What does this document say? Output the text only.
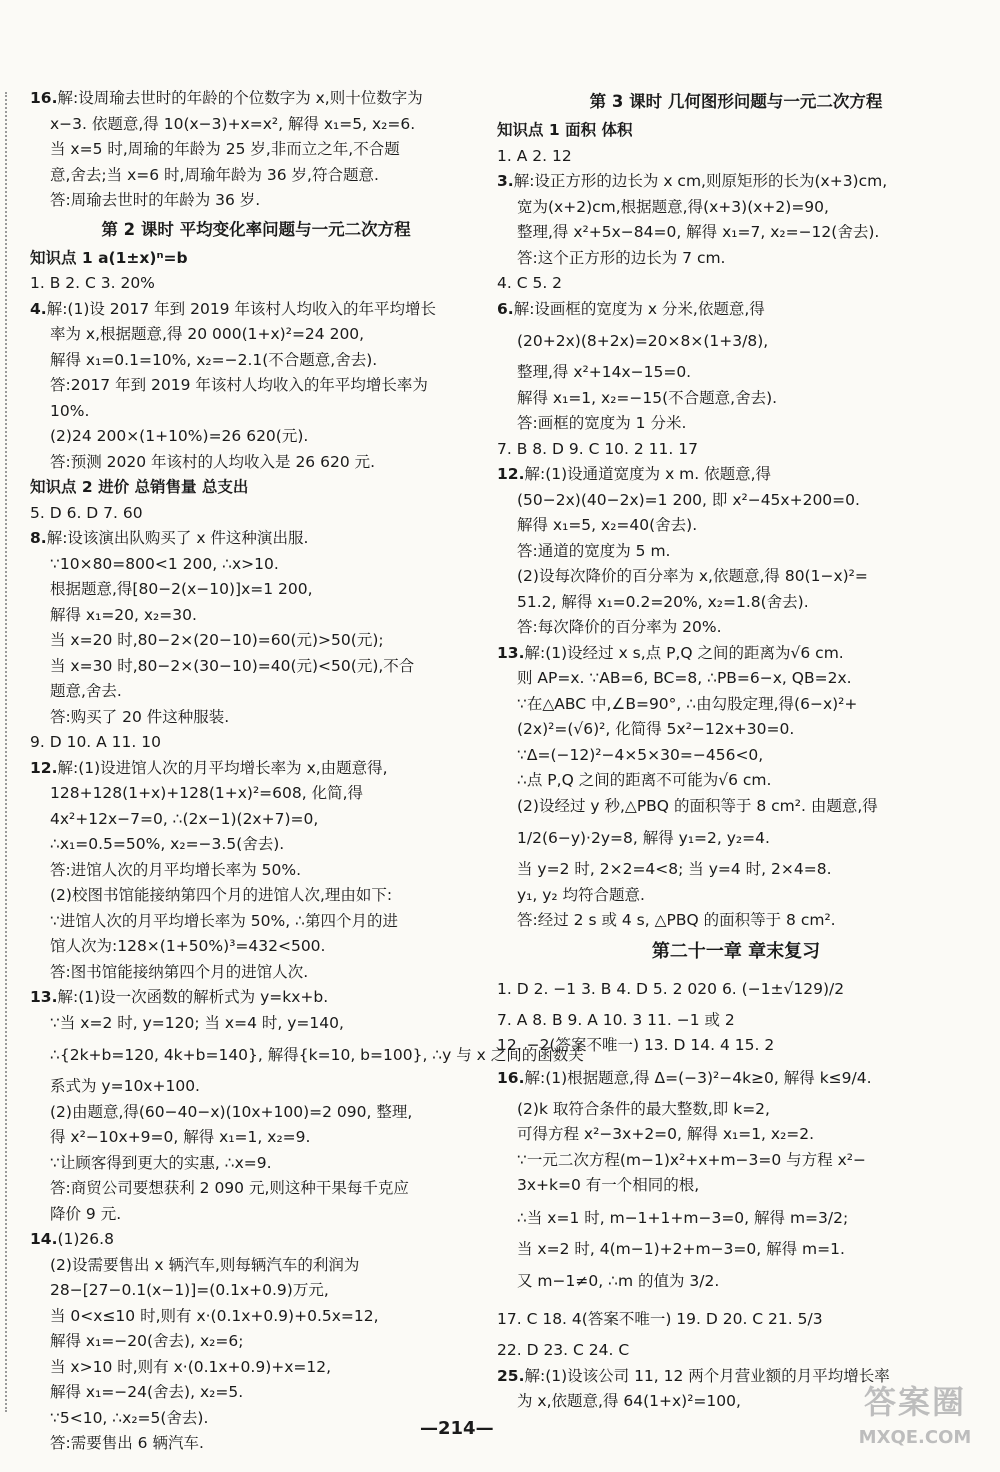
16.解:设周瑜去世时的年龄的个位数字为 x,则十位数字为
x−3. 依题意,得 10(x−3)+x=x², 解得 x₁=5, x₂=6.
当 x=5 时,周瑜的年龄为 25 岁,非而立之年,不合题
意,舍去;当 x=6 时,周瑜年龄为 36 岁,符合题意.
答:周瑜去世时的年龄为 36 岁.
第 2 课时 平均变化率问题与一元二次方程
知识点 1 a(1±x)ⁿ=b
1. B 2. C 3. 20%
4.解:(1)设 2017 年到 2019 年该村人均收入的年平均增长
率为 x,根据题意,得 20 000(1+x)²=24 200,
解得 x₁=0.1=10%, x₂=−2.1(不合题意,舍去).
答:2017 年到 2019 年该村人均收入的年平均增长率为
10%.
(2)24 200×(1+10%)=26 620(元).
答:预测 2020 年该村的人均收入是 26 620 元.
知识点 2 进价 总销售量 总支出
5. D 6. D 7. 60
8.解:设该演出队购买了 x 件这种演出服.
∵10×80=800<1 200, ∴x>10.
根据题意,得[80−2(x−10)]x=1 200,
解得 x₁=20, x₂=30.
当 x=20 时,80−2×(20−10)=60(元)>50(元);
当 x=30 时,80−2×(30−10)=40(元)<50(元),不合
题意,舍去.
答:购买了 20 件这种服装.
9. D 10. A 11. 10
12.解:(1)设进馆人次的月平均增长率为 x,由题意得,
128+128(1+x)+128(1+x)²=608, 化简,得
4x²+12x−7=0, ∴(2x−1)(2x+7)=0,
∴x₁=0.5=50%, x₂=−3.5(舍去).
答:进馆人次的月平均增长率为 50%.
(2)校图书馆能接纳第四个月的进馆人次,理由如下:
∵进馆人次的月平均增长率为 50%, ∴第四个月的进
馆人次为:128×(1+50%)³=432<500.
答:图书馆能接纳第四个月的进馆人次.
13.解:(1)设一次函数的解析式为 y=kx+b.
∵当 x=2 时, y=120; 当 x=4 时, y=140,
∴{2k+b=120, 4k+b=140}, 解得{k=10, b=100}, ∴y 与 x 之间的函数关
系式为 y=10x+100.
(2)由题意,得(60−40−x)(10x+100)=2 090, 整理,
得 x²−10x+9=0, 解得 x₁=1, x₂=9.
∵让顾客得到更大的实惠, ∴x=9.
答:商贸公司要想获利 2 090 元,则这种干果每千克应
降价 9 元.
14.(1)26.8
(2)设需要售出 x 辆汽车,则每辆汽车的利润为
28−[27−0.1(x−1)]=(0.1x+0.9)万元,
当 0<x≤10 时,则有 x·(0.1x+0.9)+0.5x=12,
解得 x₁=−20(舍去), x₂=6;
当 x>10 时,则有 x·(0.1x+0.9)+x=12,
解得 x₁=−24(舍去), x₂=5.
∵5<10, ∴x₂=5(舍去).
答:需要售出 6 辆汽车.
第 3 课时 几何图形问题与一元二次方程
知识点 1 面积 体积
1. A 2. 12
3.解:设正方形的边长为 x cm,则原矩形的长为(x+3)cm,
宽为(x+2)cm,根据题意,得(x+3)(x+2)=90,
整理,得 x²+5x−84=0, 解得 x₁=7, x₂=−12(舍去).
答:这个正方形的边长为 7 cm.
4. C 5. 2
6.解:设画框的宽度为 x 分米,依题意,得
(20+2x)(8+2x)=20×8×(1+3/8),
整理,得 x²+14x−15=0.
解得 x₁=1, x₂=−15(不合题意,舍去).
答:画框的宽度为 1 分米.
7. B 8. D 9. C 10. 2 11. 17
12.解:(1)设通道宽度为 x m. 依题意,得
(50−2x)(40−2x)=1 200, 即 x²−45x+200=0.
解得 x₁=5, x₂=40(舍去).
答:通道的宽度为 5 m.
(2)设每次降价的百分率为 x,依题意,得 80(1−x)²=
51.2, 解得 x₁=0.2=20%, x₂=1.8(舍去).
答:每次降价的百分率为 20%.
13.解:(1)设经过 x s,点 P,Q 之间的距离为√6 cm.
则 AP=x. ∵AB=6, BC=8, ∴PB=6−x, QB=2x.
∵在△ABC 中,∠B=90°, ∴由勾股定理,得(6−x)²+
(2x)²=(√6)², 化简得 5x²−12x+30=0.
∵Δ=(−12)²−4×5×30=−456<0,
∴点 P,Q 之间的距离不可能为√6 cm.
(2)设经过 y 秒,△PBQ 的面积等于 8 cm². 由题意,得
1/2(6−y)·2y=8, 解得 y₁=2, y₂=4.
当 y=2 时, 2×2=4<8; 当 y=4 时, 2×4=8.
y₁, y₂ 均符合题意.
答:经过 2 s 或 4 s, △PBQ 的面积等于 8 cm².
第二十一章 章末复习
1. D 2. −1 3. B 4. D 5. 2 020 6. (−1±√129)/2
7. A 8. B 9. A 10. 3 11. −1 或 2
12. −2(答案不唯一) 13. D 14. 4 15. 2
16.解:(1)根据题意,得 Δ=(−3)²−4k≥0, 解得 k≤9/4.
(2)k 取符合条件的最大整数,即 k=2,
可得方程 x²−3x+2=0, 解得 x₁=1, x₂=2.
∵一元二次方程(m−1)x²+x+m−3=0 与方程 x²−
3x+k=0 有一个相同的根,
∴当 x=1 时, m−1+1+m−3=0, 解得 m=3/2;
当 x=2 时, 4(m−1)+2+m−3=0, 解得 m=1.
又 m−1≠0, ∴m 的值为 3/2.
17. C 18. 4(答案不唯一) 19. D 20. C 21. 5/3
22. D 23. C 24. C
25.解:(1)设该公司 11, 12 两个月营业额的月平均增长率
为 x,依题意,得 64(1+x)²=100,
—214—
答案圈
MXQE.COM
